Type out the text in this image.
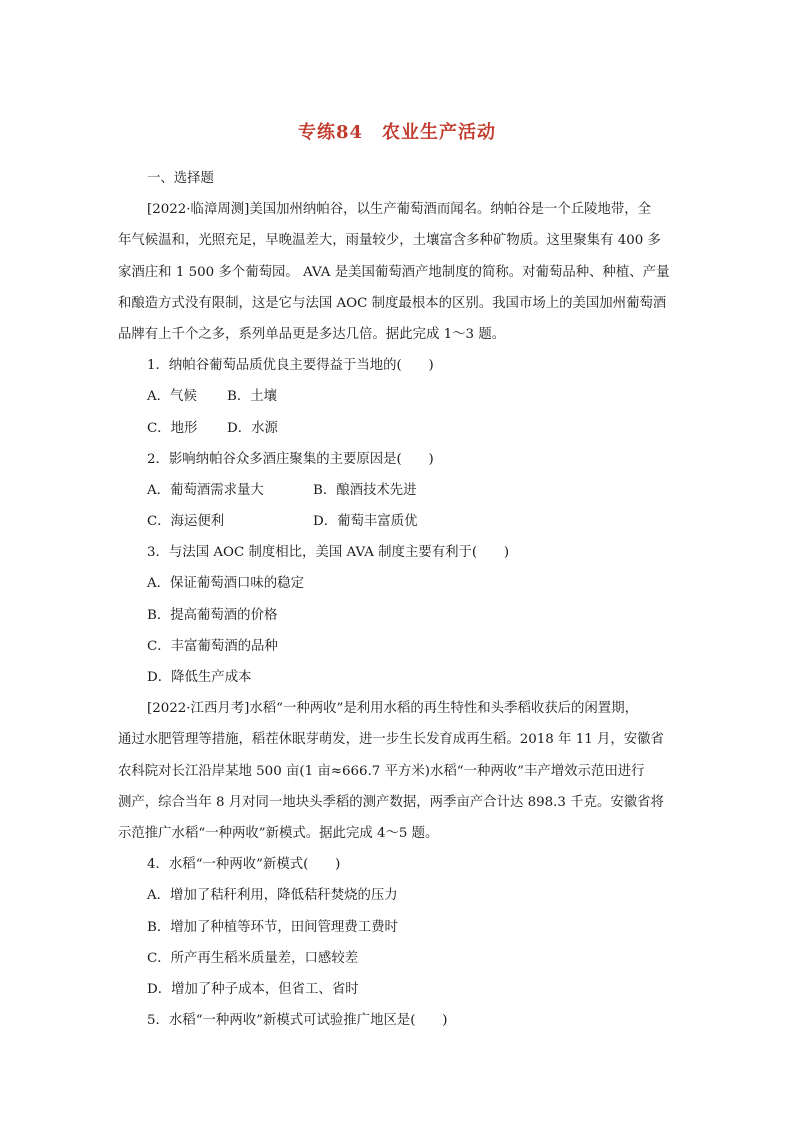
专练84　农业生产活动
一、选择题
[2022·临漳周测]美国加州纳帕谷，以生产葡萄酒而闻名。纳帕谷是一个丘陵地带，全
年气候温和，光照充足，早晚温差大，雨量较少，土壤富含多种矿物质。这里聚集有 400 多
家酒庄和 1 500 多个葡萄园。 AVA 是美国葡萄酒产地制度的简称。对葡萄品种、种植、产量
和酿造方式没有限制，这是它与法国 AOC 制度最根本的区别。我国市场上的美国加州葡萄酒
品牌有上千个之多，系列单品更是多达几倍。据此完成 1～3 题。
1．纳帕谷葡萄品质优良主要得益于当地的(　　)
A．气候	B．土壤
C．地形	D．水源
2．影响纳帕谷众多酒庄聚集的主要原因是(　　)
A．葡萄酒需求量大	B．酿酒技术先进
C．海运便利	D．葡萄丰富质优
3．与法国 AOC 制度相比，美国 AVA 制度主要有利于(　　)
A．保证葡萄酒口味的稳定
B．提高葡萄酒的价格
C．丰富葡萄酒的品种
D．降低生产成本
[2022·江西月考]水稻“一种两收”是利用水稻的再生特性和头季稻收获后的闲置期，
通过水肥管理等措施，稻茬休眠芽萌发，进一步生长发育成再生稻。2018 年 11 月，安徽省
农科院对长江沿岸某地 500 亩(1 亩≈666.7 平方米)水稻“一种两收”丰产增效示范田进行
测产，综合当年 8 月对同一地块头季稻的测产数据，两季亩产合计达 898.3 千克。安徽省将
示范推广水稻“一种两收”新模式。据此完成 4～5 题。
4．水稻“一种两收”新模式(　　)
A．增加了秸秆利用，降低秸秆焚烧的压力
B．增加了种植等环节，田间管理费工费时
C．所产再生稻米质量差，口感较差
D．增加了种子成本，但省工、省时
5．水稻“一种两收”新模式可试验推广地区是(　　)
